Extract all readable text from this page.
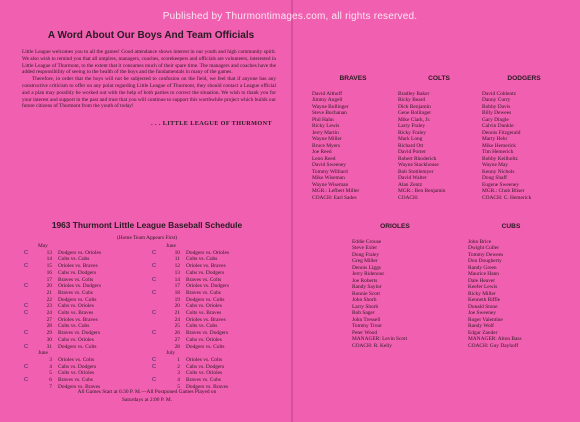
Published by Thurmontimages.com, all rights reserved.
A Word About Our Boys And Team Officials

Little League welcomes you to all the games! Good attendance shows interest in our youth and high community spirit. We also wish to remind you that all umpires, managers, coaches, scorekeepers and officials are volunteers, interested in Little League of Thurmont, to the extent that it consumes much of their spare time. The managers and coaches have the added responsibility of seeing to the health of the boys and the fundamentals in many of the games.

Therefore, in order that the boys will not be subjected to confusion on the field, we feel that if anyone has any constructive criticism to offer on any point regarding Little League of Thurmont, they should contact a League official and a plan may possibly be worked out with the help of both parties to correct the situation. We wish to thank you for your interest and support in the past and trust that you will continue to support this worthwhile project which builds our future citizens of Thurmont from the youth of today!

. . . LITTLE LEAGUE OF THURMONT
1963 Thurmont Little League Baseball Schedule
(Home Team Appears First)
May
C	13 Dodgers vs. Orioles
14 Colts vs. Cubs
C	15 Orioles vs. Braves
16 Cubs vs. Dodgers
17 Braves vs. Colts
C	20 Orioles vs. Dodgers
21 Braves vs. Cubs
22 Dodgers vs. Colts
C	23 Cubs vs. Orioles
C	24 Colts vs. Braves
27 Orioles vs. Braves
28 Colts vs. Cubs
C	29 Braves vs. Dodgers
30 Cubs vs. Orioles
C	31 Dodgers vs. Colts
June
3 Orioles vs. Colts
C	4 Cubs vs. Dodgers
5 Colts vs. Orioles
C	6 Braves vs. Cubs
7 Dodgers vs. Braves
June
C	10 Dodgers vs. Orioles
11 Colts vs. Cubs
C	12 Orioles vs. Braves
13 Cubs vs. Dodgers
C	14 Braves vs. Colts
17 Orioles vs. Dodgers
C	18 Braves vs. Cubs
19 Dodgers vs. Colts
20 Cubs vs. Orioles
C	21 Colts vs. Braves
24 Orioles vs. Braves
25 Colts vs. Cubs
C	26 Braves vs. Dodgers
27 Cubs vs. Orioles
28 Dodgers vs. Colts
July
C	1 Orioles vs. Colts
C	2 Cubs vs. Dodgers
3 Colts vs. Orioles
C	4 Braves vs. Cubs
5 Dodgers vs. Braves
All Games Start at 6:30 P. M.—All Postponed Games Played on
Saturdays at 2:00 P. M.
BRAVES
David Althoff
Jimmy Angell
Wayne Bollinger
Steve Buchanan
Phil Hahn
Ricky Lewis
Jerry Martin
Wayne Miller
Bruce Myers
Joe Reed
Leon Reed
David Sweeney
Tommy Williard
Mike Wiseman
Wayne Wiseman
MGR.: Lefbert Miller
COACH: Earl Sades
COLTS
Bradley Baker
Ricky Beard
Dick Benjamin
Gene Bollinger
Mike Clark, Jr.
Larry Fraley
Ricky Fraley
Mark Long
Richard Ott
David Porter
Robert Rhoderick
Wayne Stackhouse
Bob Stottlemyer
David Walter
Alan Zentz
MGR.: Ben Benjamin
COACH:
DODGERS
David Coblentz
Danny Curry
Bobby Davis
Billy Dewees
Gary Dingle
Calvin Dunkle
Dennis Fitzgerald
Marty Hehr
Mike Hemerick
Tim Hemerick
Bobby Keilholtz
Wayne May
Kenny Nichols
Doug Shaff
Eugene Sweeney
MGR.: Chub Bliser
COACH: C. Hemerick
ORIOLES
Eddie Crouse
Steve Exler
Doug Fraley
Greg Miller
Dennis Liggs
Jerry Ridenour
Joe Roberts
Randy Saylor
Ronnie Scott
John Shorb
Larry Shorb
Bob Sager
John Tressell
Tommy Trout
Peter Wood
MANAGER: Levin Scott
COACH: R. Kelly
CUBS
John Brice
Dwight Culler
Tommy Dewees
Don Dougherty
Randy Green
Maurice Hann
Dale Heaver
Keefer Lewis
Ricky Miller
Kenneth Riffle
Donald Stone
Joe Sweeney
Roger Valentine
Randy Wolf
Edgar Zander
MANAGER: Alton Bass
COACH: Guy Dayhoff
